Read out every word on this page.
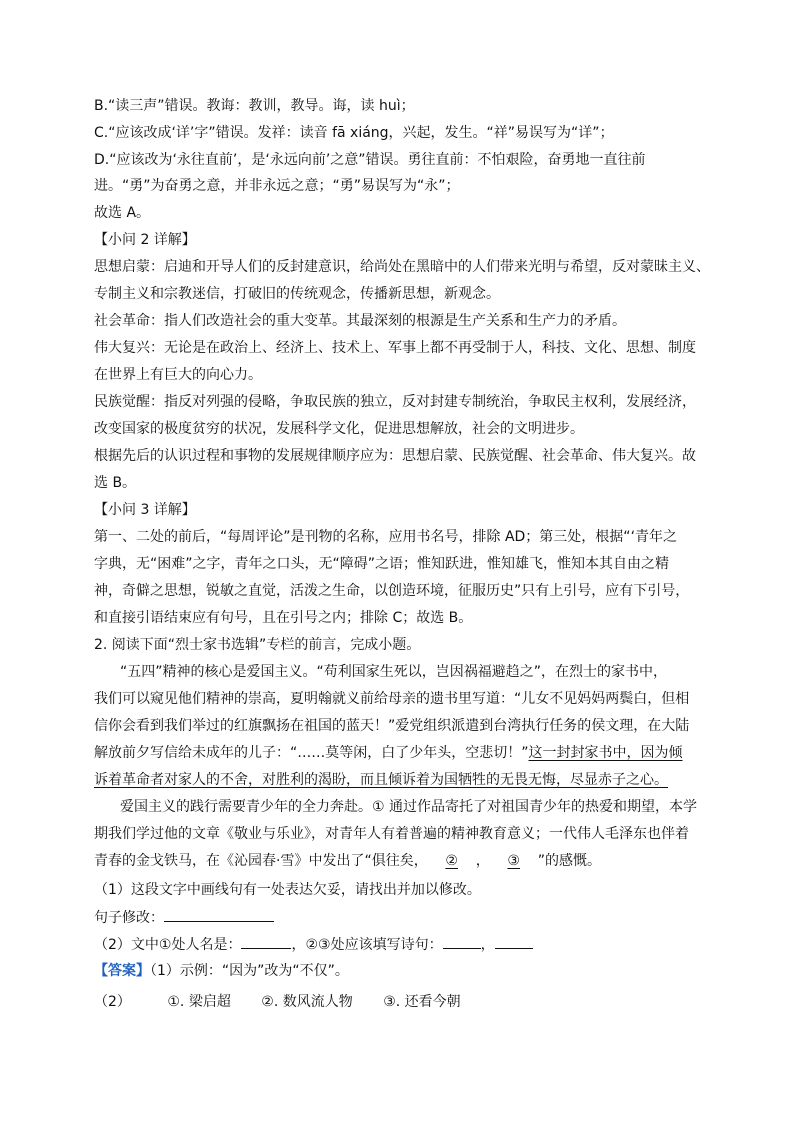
B.“读三声”错误。教诲：教训，教导。诲，读 huì；
C.“应该改成‘详’字”错误。发祥：读音 fā xiáng，兴起，发生。“祥”易误写为“详”；
D.“应该改为‘永往直前’，是‘永远向前’之意”错误。勇往直前：不怕艰险，奋勇地一直往前
进。“勇”为奋勇之意，并非永远之意；“勇”易误写为“永”；
故选 A。
【小问 2 详解】
思想启蒙：启迪和开导人们的反封建意识，给尚处在黑暗中的人们带来光明与希望，反对蒙昧主义、
专制主义和宗教迷信，打破旧的传统观念，传播新思想，新观念。
社会革命：指人们改造社会的重大变革。其最深刻的根源是生产关系和生产力的矛盾。
伟大复兴：无论是在政治上、经济上、技术上、军事上都不再受制于人，科技、文化、思想、制度
在世界上有巨大的向心力。
民族觉醒：指反对列强的侵略，争取民族的独立，反对封建专制统治，争取民主权利，发展经济，
改变国家的极度贫穷的状况，发展科学文化，促进思想解放，社会的文明进步。
根据先后的认识过程和事物的发展规律顺序应为：思想启蒙、民族觉醒、社会革命、伟大复兴。故
选 B。
【小问 3 详解】
第一、二处的前后，“每周评论”是刊物的名称，应用书名号，排除 AD；第三处，根据“‘青年之
字典，无“困难”之字，青年之口头，无“障碍”之语；惟知跃进，惟知雄飞，惟知本其自由之精
神，奇僻之思想，锐敏之直觉，活泼之生命，以创造环境，征服历史”只有上引号，应有下引号，
和直接引语结束应有句号，且在引号之内；排除 C；故选 B。
2. 阅读下面“烈士家书选辑”专栏的前言，完成小题。
“五四”精神的核心是爱国主义。“苟利国家生死以，岂因祸福避趋之”，在烈士的家书中，
我们可以窥见他们精神的崇高，夏明翰就义前给母亲的遗书里写道：“儿女不见妈妈两鬓白，但相
信你会看到我们举过的红旗飘扬在祖国的蓝天！”爱党组织派遣到台湾执行任务的侯文理，在大陆
解放前夕写信给未成年的儿子：“……莫等闲，白了少年头，空悲切！”这一封封家书中，因为倾
诉着革命者对家人的不舍，对胜利的渴盼，而且倾诉着为国牺牲的无畏无悔，尽显赤子之心。
爱国主义的践行需要青少年的全力奔赴。① 通过作品寄托了对祖国青少年的热爱和期望，本学
期我们学过他的文章《敬业与乐业》，对青年人有着普遍的精神教育意义；一代伟人毛泽东也伴着
青春的金戈铁马，在《沁园春·雪》中发出了“俱往矣， ② ， ③ ”的感慨。
（1）这段文字中画线句有一处表达欠妥，请找出并加以修改。
句子修改：
（2）文中①处人名是：	，②③处应该填写诗句：	，
【答案】（1）示例：“因为”改为“不仅”。
（2）	①. 梁启超 ②. 数风流人物 ③. 还看今朝
